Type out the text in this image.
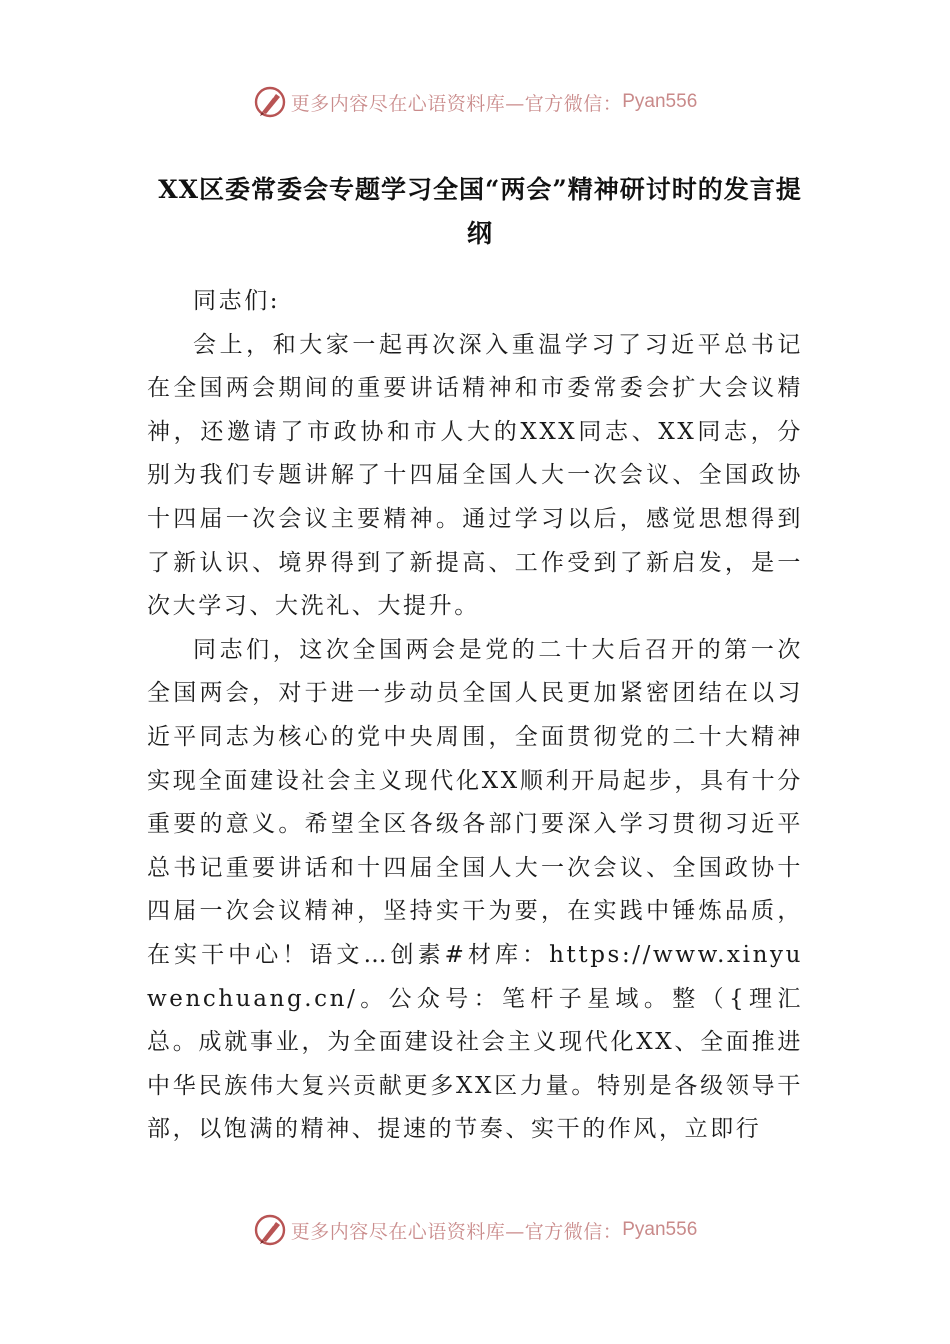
更多内容尽在心语资料库—官方微信： Pyan556
XX区委常委会专题学习全国“两会”精神研讨时的发言提纲

同志们:

会上，和大家一起再次深入重温学习了习近平总书记在全国两会期间的重要讲话精神和市委常委会扩大会议精神，还邀请了市政协和市人大的XXX同志、XX同志，分别为我们专题讲解了十四届全国人大一次会议、全国政协十四届一次会议主要精神。通过学习以后，感觉思想得到了新认识、境界得到了新提高、工作受到了新启发，是一次大学习、大洗礼、大提升。

同志们，这次全国两会是党的二十大后召开的第一次全国两会，对于进一步动员全国人民更加紧密团结在以习近平同志为核心的党中央周围，全面贯彻党的二十大精神实现全面建设社会主义现代化XX顺利开局起步，具有十分重要的意义。希望全区各级各部门要深入学习贯彻习近平总书记重要讲话和十四届全国人大一次会议、全国政协十四届一次会议精神，坚持实干为要，在实践中锤炼品质，在实干中心！语文…创素#材库：https://www.xinyuwenchuang.cn/。公众号：笔杆子星域。整（{理汇总。成就事业，为全面建设社会主义现代化XX、全面推进中华民族伟大复兴贡献更多XX区力量。特别是各级领导干部，以饱满的精神、提速的节奏、实干的作风，立即行

更多内容尽在心语资料库—官方微信： Pyan556
